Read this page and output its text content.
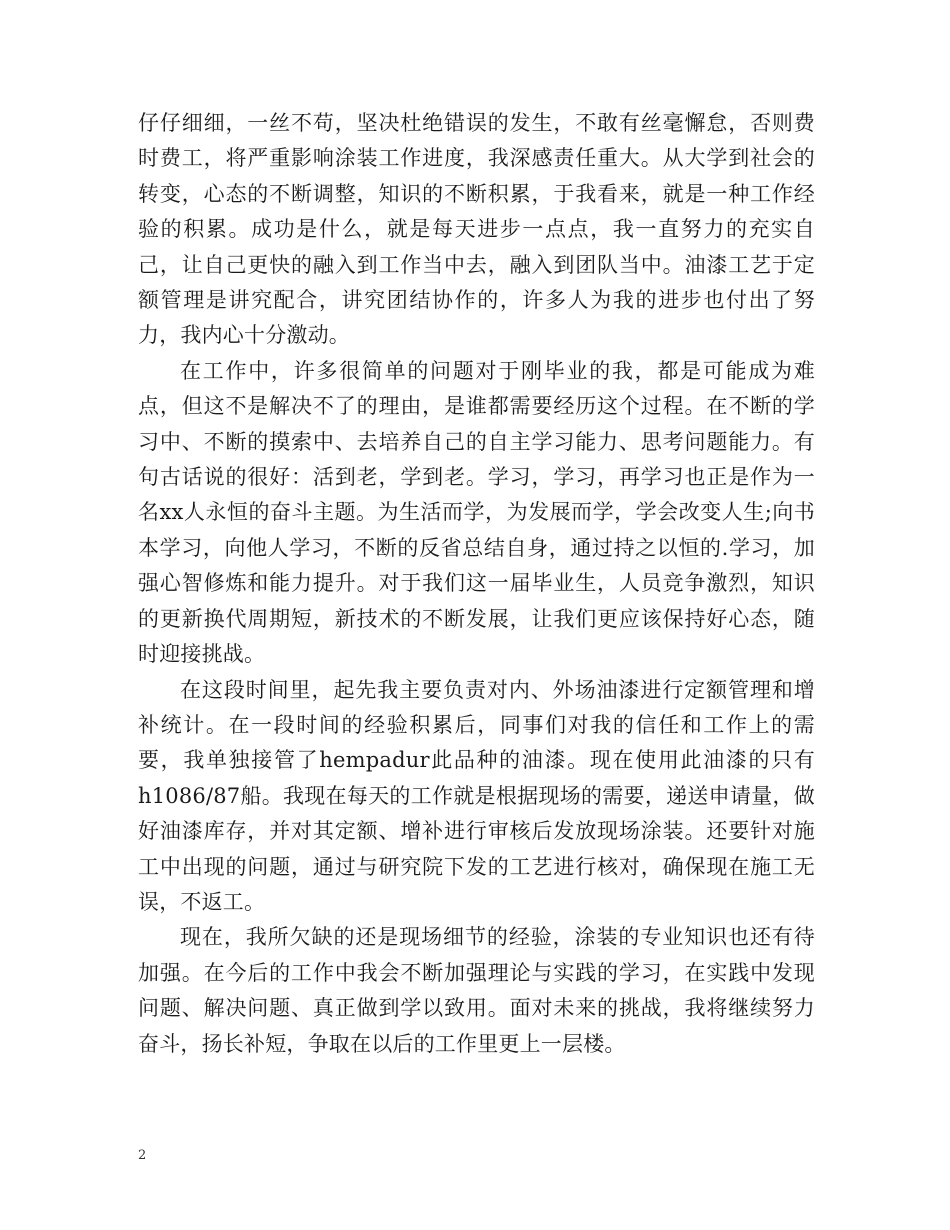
仔仔细细，一丝不苟，坚决杜绝错误的发生，不敢有丝毫懈怠，否则费时费工，将严重影响涂装工作进度，我深感责任重大。从大学到社会的转变，心态的不断调整，知识的不断积累，于我看来，就是一种工作经验的积累。成功是什么，就是每天进步一点点，我一直努力的充实自己，让自己更快的融入到工作当中去，融入到团队当中。油漆工艺于定额管理是讲究配合，讲究团结协作的，许多人为我的进步也付出了努力，我内心十分激动。

在工作中，许多很简单的问题对于刚毕业的我，都是可能成为难点，但这不是解决不了的理由，是谁都需要经历这个过程。在不断的学习中、不断的摸索中、去培养自己的自主学习能力、思考问题能力。有句古话说的很好：活到老，学到老。学习，学习，再学习也正是作为一名xx人永恒的奋斗主题。为生活而学，为发展而学，学会改变人生;向书本学习，向他人学习，不断的反省总结自身，通过持之以恒的.学习，加强心智修炼和能力提升。对于我们这一届毕业生，人员竞争激烈，知识的更新换代周期短，新技术的不断发展，让我们更应该保持好心态，随时迎接挑战。

在这段时间里，起先我主要负责对内、外场油漆进行定额管理和增补统计。在一段时间的经验积累后，同事们对我的信任和工作上的需要，我单独接管了hempadur此品种的油漆。现在使用此油漆的只有h1086/87船。我现在每天的工作就是根据现场的需要，递送申请量，做好油漆库存，并对其定额、增补进行审核后发放现场涂装。还要针对施工中出现的问题，通过与研究院下发的工艺进行核对，确保现在施工无误，不返工。

现在，我所欠缺的还是现场细节的经验，涂装的专业知识也还有待加强。在今后的工作中我会不断加强理论与实践的学习，在实践中发现问题、解决问题、真正做到学以致用。面对未来的挑战，我将继续努力奋斗，扬长补短，争取在以后的工作里更上一层楼。

2
